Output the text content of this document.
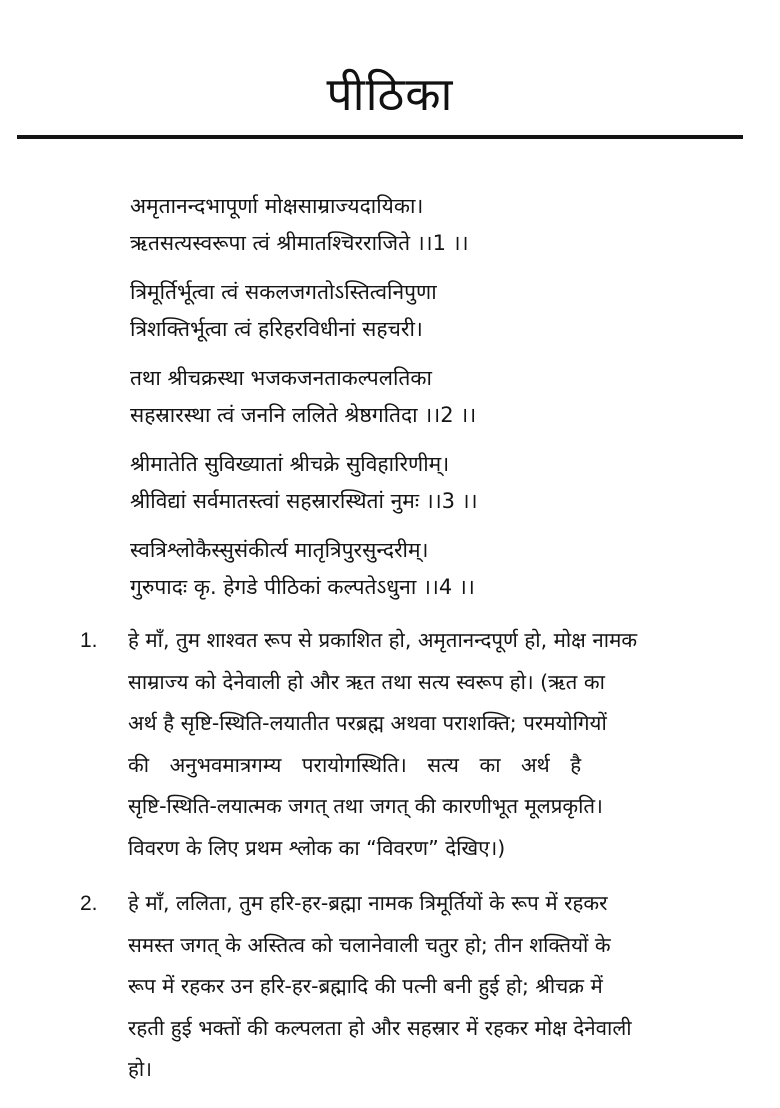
पीठिका
अमृतानन्दभापूर्णा मोक्षसाम्राज्यदायिका।
ऋतसत्यस्वरूपा त्वं श्रीमातश्चिरराजिते ।।1 ।।
त्रिमूर्तिर्भूत्वा त्वं सकलजगतोऽस्तित्वनिपुणा
त्रिशक्तिर्भूत्वा त्वं हरिहरविधीनां सहचरी।
तथा श्रीचक्रस्था भजकजनताकल्पलतिका
सहस्रारस्था त्वं जननि ललिते श्रेष्ठगतिदा ।।2 ।।
श्रीमातेति सुविख्यातां श्रीचक्रे सुविहारिणीम्।
श्रीविद्यां सर्वमातस्त्वां सहस्रारस्थितां नुमः ।।3 ।।
स्वत्रिश्लोकैस्सुसंकीर्त्य मातृत्रिपुरसुन्दरीम्।
गुरुपादः कृ. हेगडे पीठिकां कल्पतेऽधुना ।।4 ।।
1.	हे माँ, तुम शाश्वत रूप से प्रकाशित हो, अमृतानन्दपूर्ण हो, मोक्ष नामक
साम्राज्य को देनेवाली हो और ऋत तथा सत्य स्वरूप हो। (ऋत का
अर्थ है सृष्टि-स्थिति-लयातीत परब्रह्म अथवा पराशक्ति; परमयोगियों
की अनुभवमात्रगम्य परायोगस्थिति। सत्य का अर्थ है
सृष्टि-स्थिति-लयात्मक जगत् तथा जगत् की कारणीभूत मूलप्रकृति।
विवरण के लिए प्रथम श्लोक का “विवरण” देखिए।)
2.	हे माँ, ललिता, तुम हरि-हर-ब्रह्मा नामक त्रिमूर्तियों के रूप में रहकर
समस्त जगत् के अस्तित्व को चलानेवाली चतुर हो; तीन शक्तियों के
रूप में रहकर उन हरि-हर-ब्रह्मादि की पत्नी बनी हुई हो; श्रीचक्र में
रहती हुई भक्तों की कल्पलता हो और सहस्रार में रहकर मोक्ष देनेवाली
हो।
